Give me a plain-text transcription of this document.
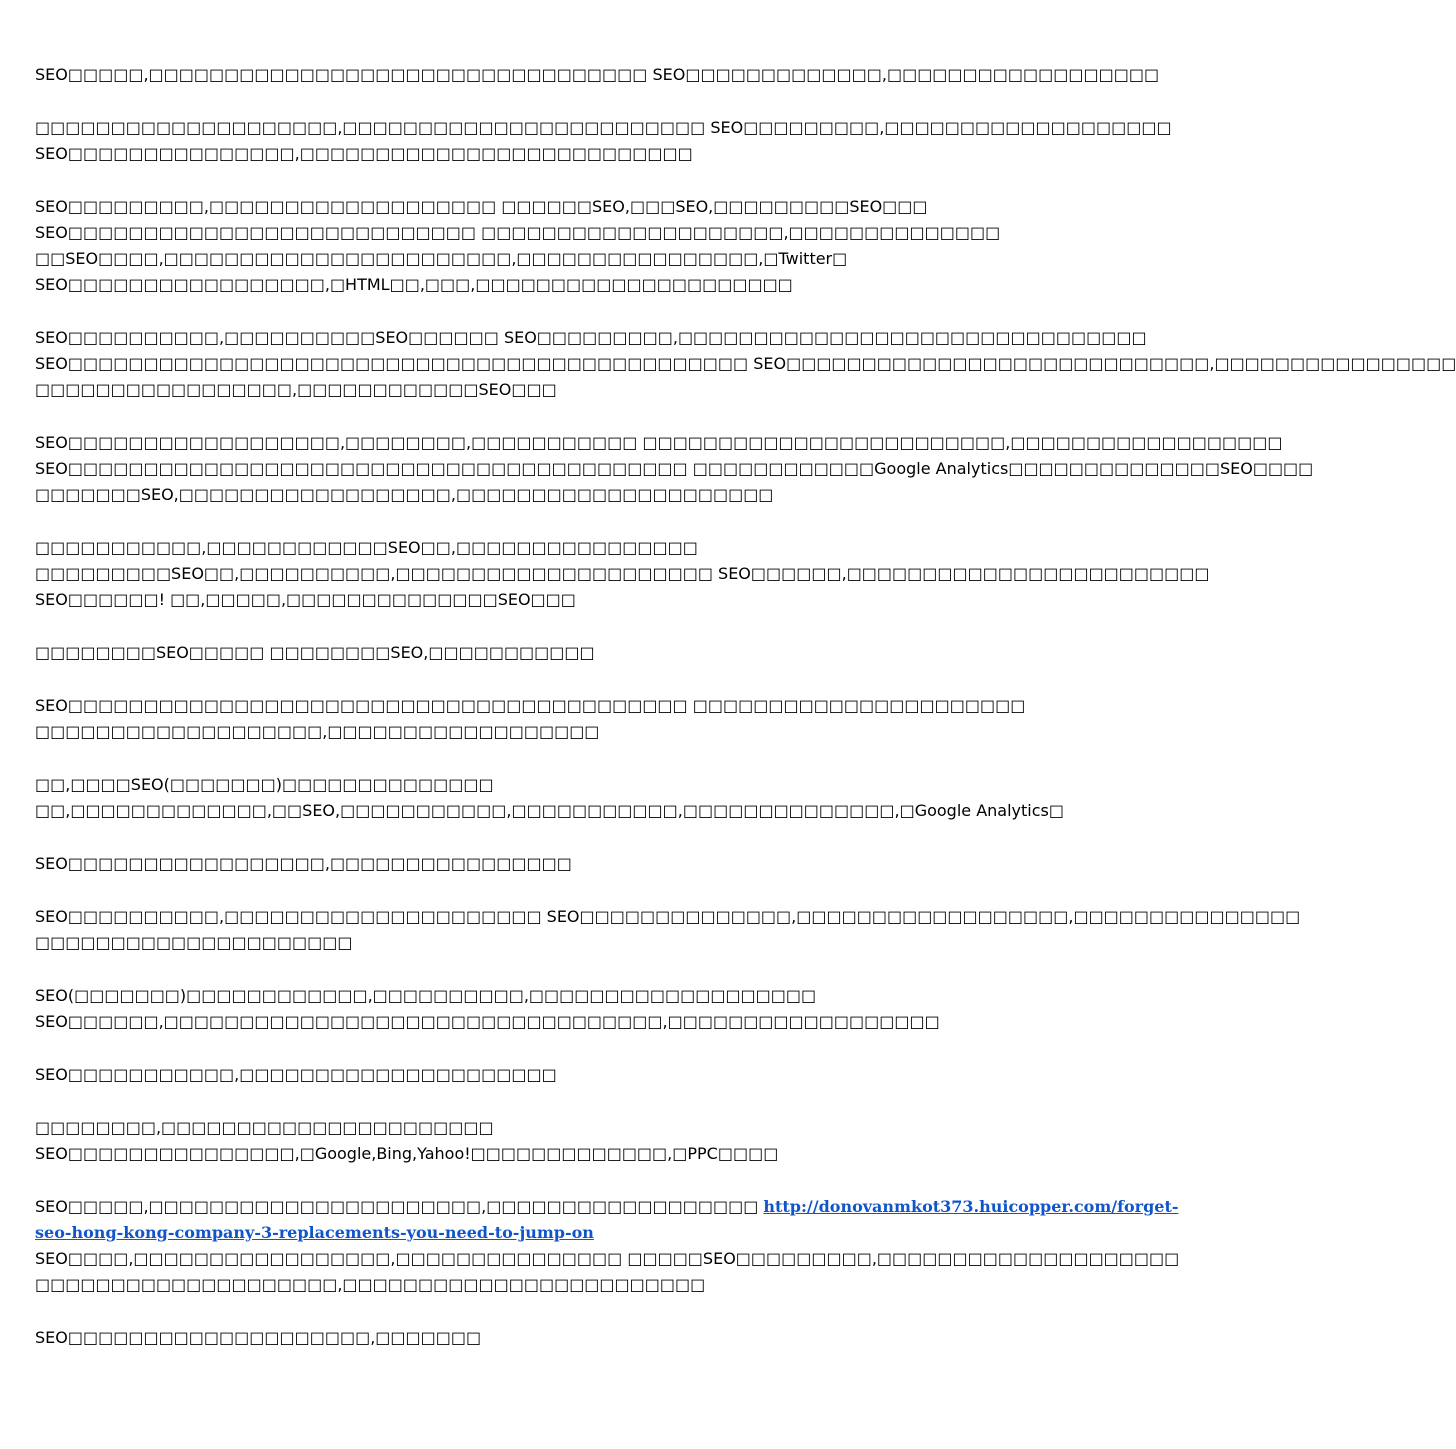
SEO□□□□□,□□□□□□□□□□□□□□□□□□□□□□□□□□□□□□□□□ SEO□□□□□□□□□□□□□,□□□□□□□□□□□□□□□□□□

□□□□□□□□□□□□□□□□□□□□,□□□□□□□□□□□□□□□□□□□□□□□□ SEO□□□□□□□□□,□□□□□□□□□□□□□□□□□□□
SEO□□□□□□□□□□□□□□□,□□□□□□□□□□□□□□□□□□□□□□□□□□

SEO□□□□□□□□□,□□□□□□□□□□□□□□□□□□□ □□□□□□SEO,□□□SEO,□□□□□□□□□SEO□□□
SEO□□□□□□□□□□□□□□□□□□□□□□□□□□□ □□□□□□□□□□□□□□□□□□□□,□□□□□□□□□□□□□□
□□SEO□□□□,□□□□□□□□□□□□□□□□□□□□□□□,□□□□□□□□□□□□□□□□,□Twitter□
SEO□□□□□□□□□□□□□□□□□,□HTML□□,□□□,□□□□□□□□□□□□□□□□□□□□□

SEO□□□□□□□□□□,□□□□□□□□□□SEO□□□□□□ SEO□□□□□□□□□,□□□□□□□□□□□□□□□□□□□□□□□□□□□□□□□
SEO□□□□□□□□□□□□□□□□□□□□□□□□□□□□□□□□□□□□□□□□□□□□□ SEO□□□□□□□□□□□□□□□□□□□□□□□□□□□□,□□□□□□□□□□□□□□□□
□□□□□□□□□□□□□□□□□,□□□□□□□□□□□□SEO□□□

SEO□□□□□□□□□□□□□□□□□□,□□□□□□□□,□□□□□□□□□□□ □□□□□□□□□□□□□□□□□□□□□□□□,□□□□□□□□□□□□□□□□□□
SEO□□□□□□□□□□□□□□□□□□□□□□□□□□□□□□□□□□□□□□□□□ □□□□□□□□□□□□Google Analytics□□□□□□□□□□□□□□SEO□□□□
□□□□□□□SEO,□□□□□□□□□□□□□□□□□□,□□□□□□□□□□□□□□□□□□□□□

□□□□□□□□□□□,□□□□□□□□□□□□SEO□□,□□□□□□□□□□□□□□□□
□□□□□□□□□SEO□□,□□□□□□□□□□,□□□□□□□□□□□□□□□□□□□□□ SEO□□□□□□,□□□□□□□□□□□□□□□□□□□□□□□□
SEO□□□□□□! □□,□□□□□,□□□□□□□□□□□□□□SEO□□□

□□□□□□□□SEO□□□□□ □□□□□□□□SEO,□□□□□□□□□□□

SEO□□□□□□□□□□□□□□□□□□□□□□□□□□□□□□□□□□□□□□□□□ □□□□□□□□□□□□□□□□□□□□□□
□□□□□□□□□□□□□□□□□□□,□□□□□□□□□□□□□□□□□□

□□,□□□□SEO(□□□□□□□)□□□□□□□□□□□□□□
□□,□□□□□□□□□□□□□,□□SEO,□□□□□□□□□□□,□□□□□□□□□□□,□□□□□□□□□□□□□□,□Google Analytics□

SEO□□□□□□□□□□□□□□□□□,□□□□□□□□□□□□□□□□

SEO□□□□□□□□□□,□□□□□□□□□□□□□□□□□□□□□ SEO□□□□□□□□□□□□□□,□□□□□□□□□□□□□□□□□□,□□□□□□□□□□□□□□□
□□□□□□□□□□□□□□□□□□□□□

SEO(□□□□□□□)□□□□□□□□□□□□,□□□□□□□□□□,□□□□□□□□□□□□□□□□□□□
SEO□□□□□□,□□□□□□□□□□□□□□□□□□□□□□□□□□□□□□□□□,□□□□□□□□□□□□□□□□□□

SEO□□□□□□□□□□□,□□□□□□□□□□□□□□□□□□□□□

□□□□□□□□,□□□□□□□□□□□□□□□□□□□□□□
SEO□□□□□□□□□□□□□□□,□Google,Bing,Yahoo!□□□□□□□□□□□□□,□PPC□□□□

SEO□□□□□,□□□□□□□□□□□□□□□□□□□□□□,□□□□□□□□□□□□□□□□□□ http://donovanmkot373.huicopper.com/forget-
seo-hong-kong-company-3-replacements-you-need-to-jump-on
SEO□□□□,□□□□□□□□□□□□□□□□□,□□□□□□□□□□□□□□□ □□□□□SEO□□□□□□□□□,□□□□□□□□□□□□□□□□□□□□
□□□□□□□□□□□□□□□□□□□□,□□□□□□□□□□□□□□□□□□□□□□□□

SEO□□□□□□□□□□□□□□□□□□□□,□□□□□□□
